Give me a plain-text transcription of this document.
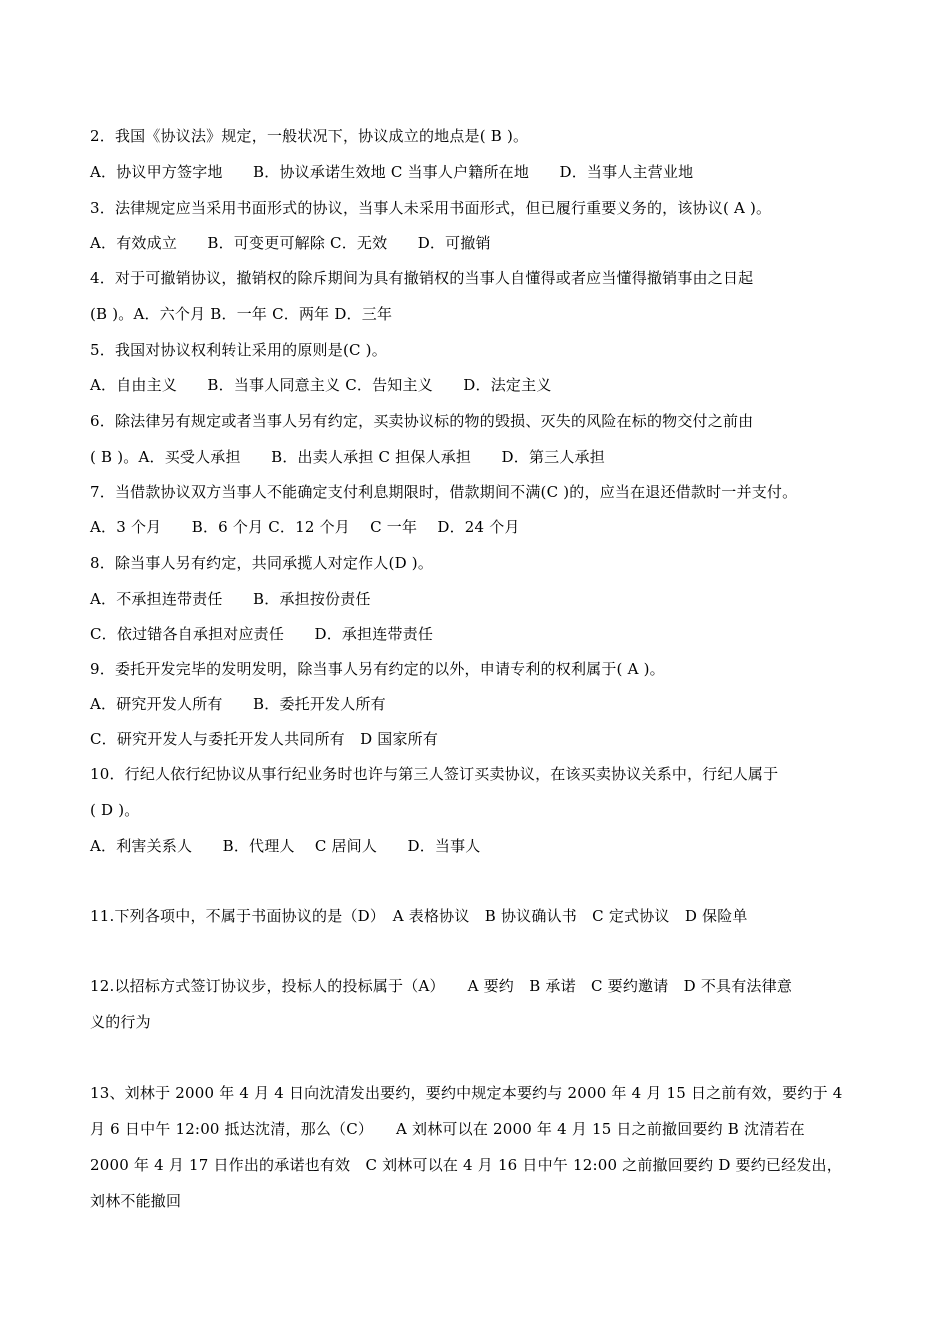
2．我国《协议法》规定，一般状况下，协议成立的地点是( B )。
A．协议甲方签字地　　B．协议承诺生效地 C 当事人户籍所在地　　D．当事人主营业地
3．法律规定应当采用书面形式的协议，当事人未采用书面形式，但已履行重要义务的，该协议( A )。
A．有效成立　　B．可变更可解除 C．无效　　D．可撤销
4．对于可撤销协议，撤销权的除斥期间为具有撤销权的当事人自懂得或者应当懂得撤销事由之日起
(B )。A．六个月 B．一年 C．两年 D．三年
5．我国对协议权利转让采用的原则是(C )。
A．自由主义　　B．当事人同意主义 C．告知主义　　D．法定主义
6．除法律另有规定或者当事人另有约定，买卖协议标的物的毁损、灭失的风险在标的物交付之前由
( B )。A．买受人承担　　B．出卖人承担 C 担保人承担　　D．第三人承担
7．当借款协议双方当事人不能确定支付利息期限时，借款期间不满(C )的，应当在退还借款时一并支付。
A．3 个月　　B．6 个月 C．12 个月　 C 一年　 D．24 个月
8．除当事人另有约定，共同承揽人对定作人(D )。
A．不承担连带责任　　B．承担按份责任
C．依过错各自承担对应责任　　D．承担连带责任
9．委托开发完毕的发明发明，除当事人另有约定的以外，申请专利的权利属于( A )。
A．研究开发人所有　　B．委托开发人所有
C．研究开发人与委托开发人共同所有　D 国家所有
10．行纪人依行纪协议从事行纪业务时也许与第三人签订买卖协议，在该买卖协议关系中，行纪人属于
( D )。
A．利害关系人　　B．代理人　 C 居间人　　D．当事人
11.下列各项中，不属于书面协议的是（D）　A 表格协议　B 协议确认书　C 定式协议　D 保险单
12.以招标方式签订协议步，投标人的投标属于（A）　　A 要约　B 承诺　C 要约邀请　D 不具有法律意
义的行为
13、刘林于 2000 年 4 月 4 日向沈清发出要约，要约中规定本要约与 2000 年 4 月 15 日之前有效，要约于 4
月 6 日中午 12:00 抵达沈清，那么（C）　　A 刘林可以在 2000 年 4 月 15 日之前撤回要约 B 沈清若在
2000 年 4 月 17 日作出的承诺也有效　C 刘林可以在 4 月 16 日中午 12:00 之前撤回要约 D 要约已经发出，
刘林不能撤回
